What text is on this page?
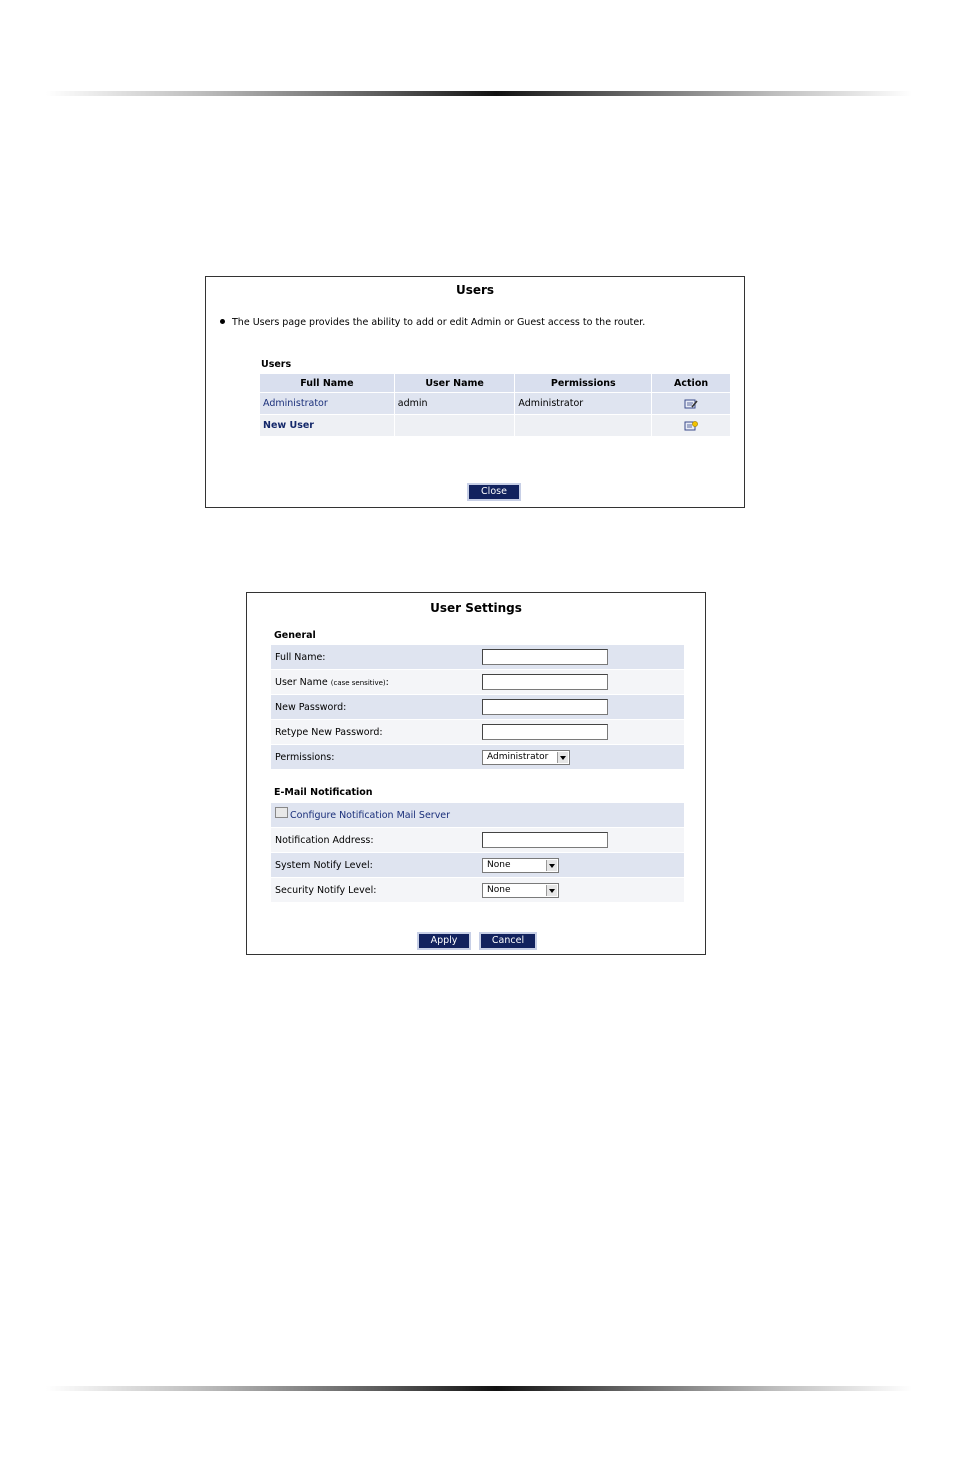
Users
The Users page provides the ability to add or edit Admin or Guest access to the router.
Users
Full Name	User Name	Permissions	Action
Administrator	admin	Administrator	
New User			
Close
User Settings
General
Full Name:	
User Name (case sensitive):	
New Password:	
Retype New Password:	
Permissions:	Administrator
E-Mail Notification
Configure Notification Mail Server	
Notification Address:	
System Notify Level:	None

Security Notify Level:	None
Apply	Cancel
